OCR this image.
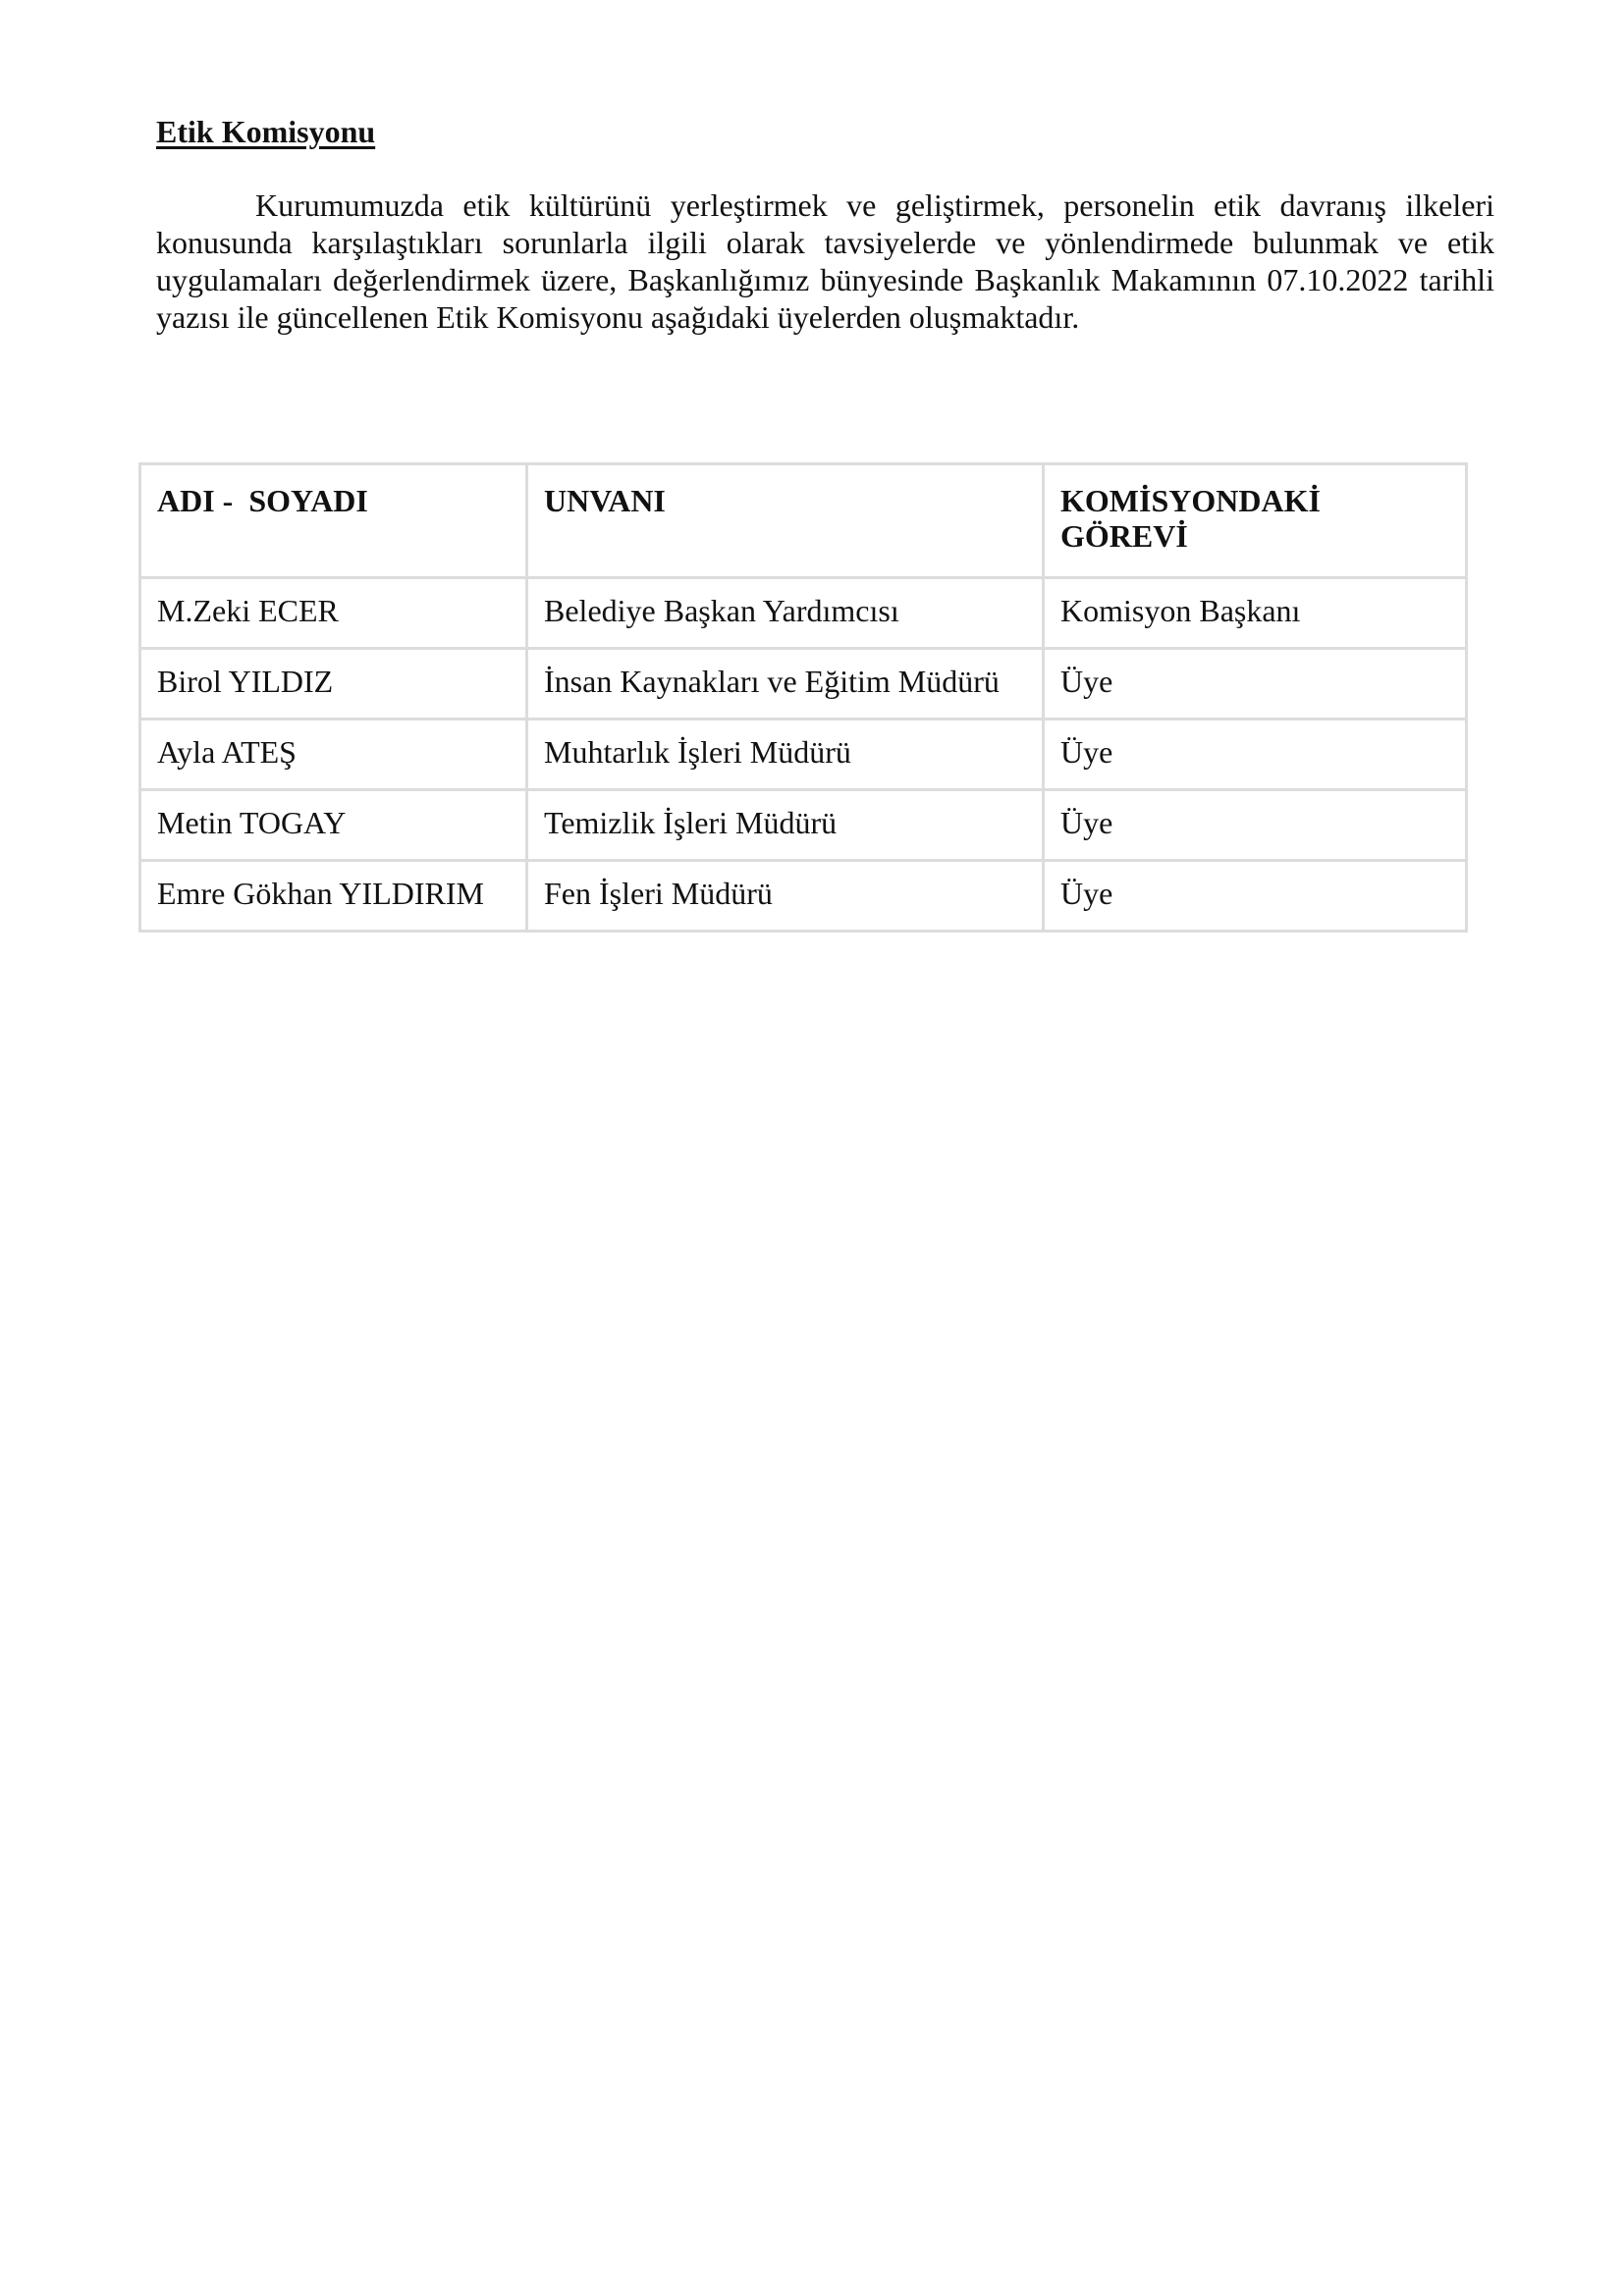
Etik Komisyonu

Kurumumuzda etik kültürünü yerleştirmek ve geliştirmek, personelin etik davranış ilkeleri konusunda karşılaştıkları sorunlarla ilgili olarak tavsiyelerde ve yönlendirmede bulunmak ve etik uygulamaları değerlendirmek üzere, Başkanlığımız bünyesinde Başkanlık Makamının 07.10.2022 tarihli yazısı ile güncellenen Etik Komisyonu aşağıdaki üyelerden oluşmaktadır.

ADI -  SOYADI	UNVANI	KOMİSYONDAKİ GÖREVİ
M.Zeki ECER	Belediye Başkan Yardımcısı	Komisyon Başkanı
Birol YILDIZ	İnsan Kaynakları ve Eğitim Müdürü	Üye
Ayla ATEŞ	Muhtarlık İşleri Müdürü	Üye
Metin TOGAY	Temizlik İşleri Müdürü	Üye
Emre Gökhan YILDIRIM	Fen İşleri Müdürü	Üye
